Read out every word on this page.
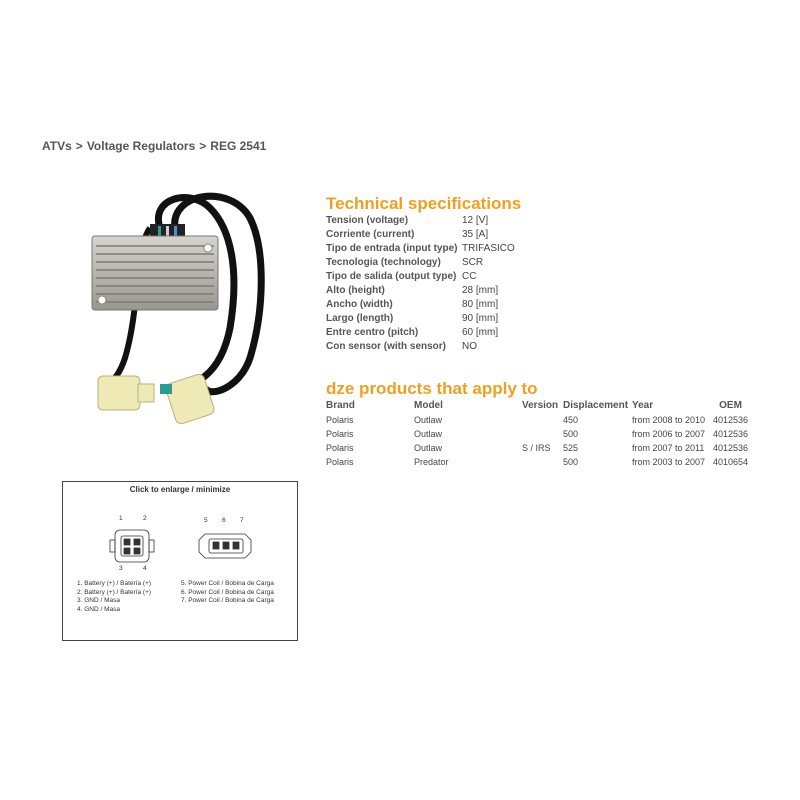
ATVs > Voltage Regulators > REG 2541
Technical specifications
Tension (voltage)	12 [V]
Corriente (current)	35 [A]
Tipo de entrada (input type)	TRIFASICO
Tecnologia (technology)	SCR
Tipo de salida (output type)	CC
Alto (height)	28 [mm]
Ancho (width)	80 [mm]
Largo (length)	90 [mm]
Entre centro (pitch)	60 [mm]
Con sensor (with sensor)	NO
dze products that apply to
Brand	Model	Version	Displacement	Year	OEM
Polaris	Outlaw		450	from 2008 to 2010	4012536
Polaris	Outlaw		500	from 2006 to 2007	4012536
Polaris	Outlaw	S / IRS	525	from 2007 to 2011	4012536
Polaris	Predator		500	from 2003 to 2007	4010654
Click to enlarge / minimize
1	2
3	4
5 6 7
1. Battery (+) / Batería (+)
2. Battery (+) / Batería (+)
3. GND / Masa
4. GND / Masa
5. Power Coil / Bobina de Carga
6. Power Coil / Bobina de Carga
7. Power Coil / Bobina de Carga
